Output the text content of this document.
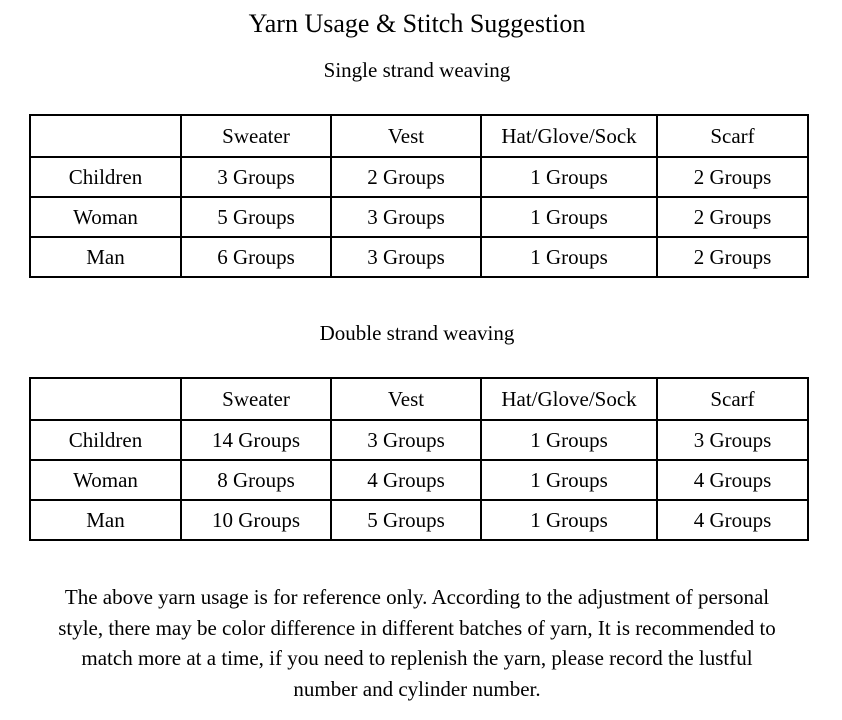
Yarn Usage & Stitch Suggestion
Single strand weaving
	Sweater	Vest	Hat/Glove/Sock	Scarf
Children	3 Groups	2 Groups	1 Groups	2 Groups
Woman	5 Groups	3 Groups	1 Groups	2 Groups
Man	6 Groups	3 Groups	1 Groups	2 Groups
Double strand weaving
	Sweater	Vest	Hat/Glove/Sock	Scarf
Children	14 Groups	3 Groups	1 Groups	3 Groups
Woman	8 Groups	4 Groups	1 Groups	4 Groups
Man	10 Groups	5 Groups	1 Groups	4 Groups
The above yarn usage is for reference only. According to the adjustment of personal
style, there may be color difference in different batches of yarn, It is recommended to
match more at a time, if you need to replenish the yarn, please record the lustful
number and cylinder number.
